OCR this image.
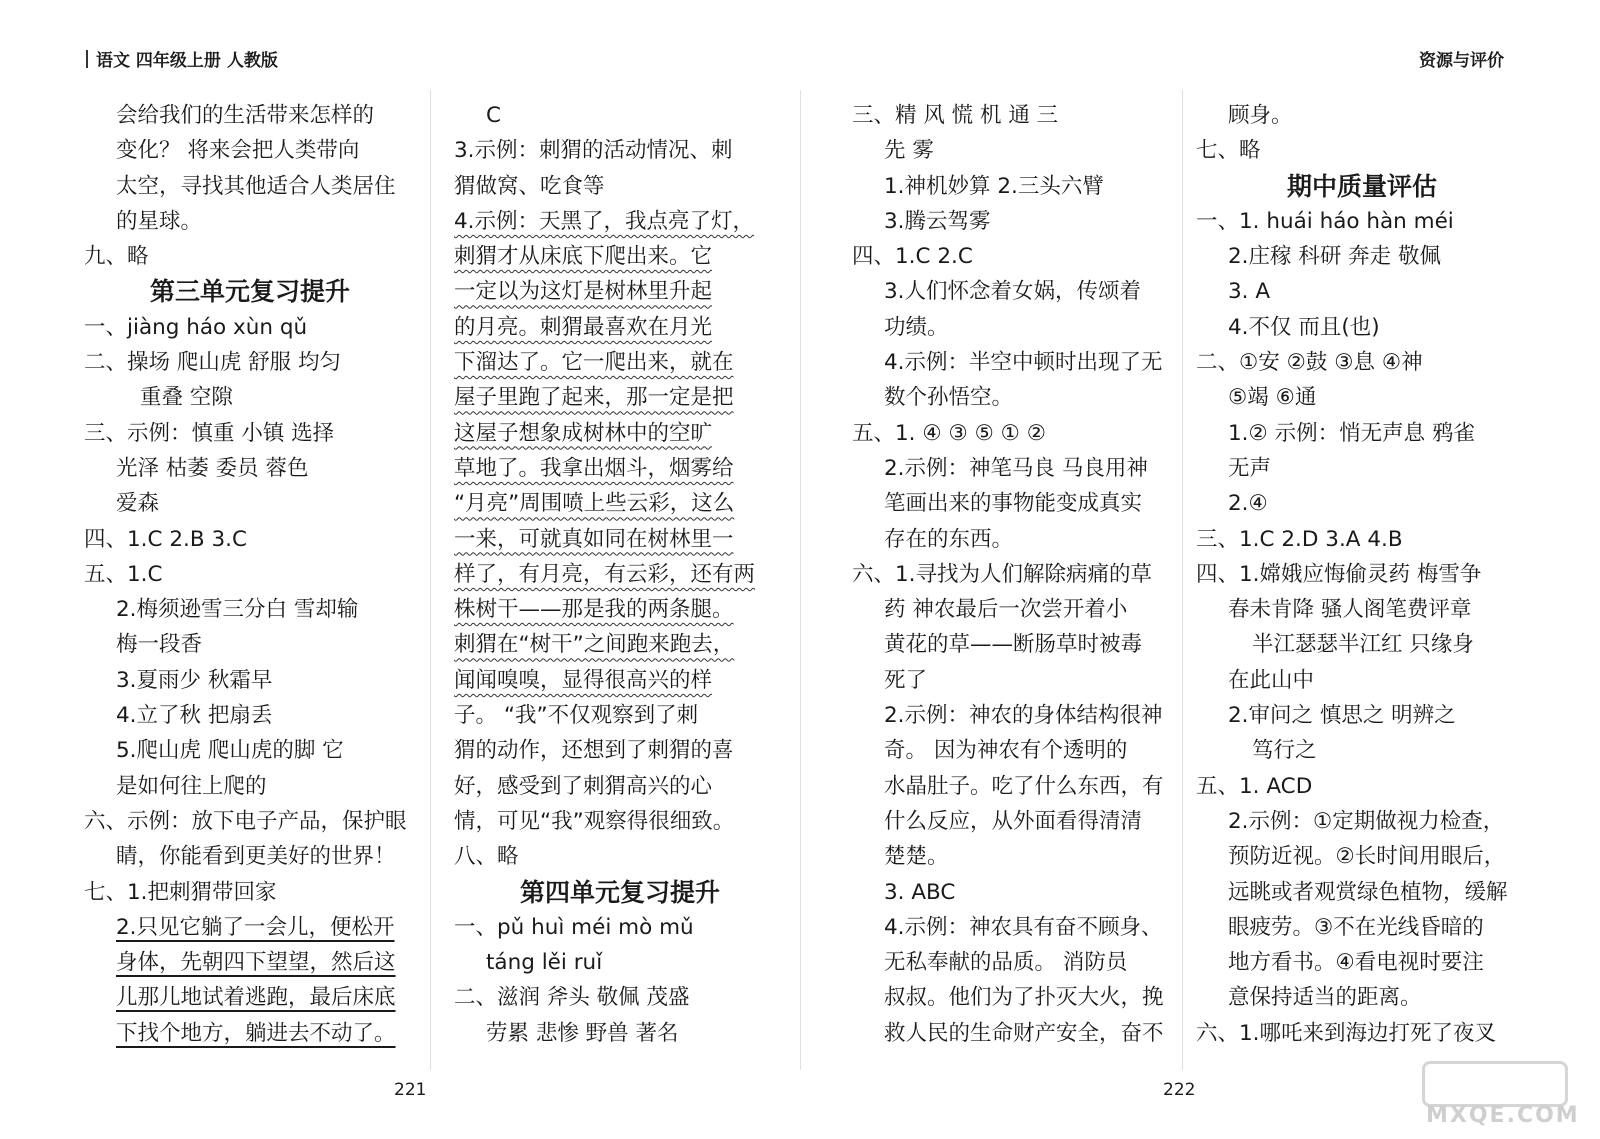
语文 四年级上册 人教版	资源与评价
会给我们的生活带来怎样的
变化？ 将来会把人类带向
太空，寻找其他适合人类居住
的星球。
九、略
第三单元复习提升
一、jiàng háo xùn qǔ
二、操场 爬山虎 舒服 均匀
重叠 空隙
三、示例：慎重 小镇 选择
光泽 枯萎 委员 蓉色
爱森
四、1.C 2.B 3.C
五、1.C
2.梅须逊雪三分白 雪却输
梅一段香
3.夏雨少 秋霜早
4.立了秋 把扇丢
5.爬山虎 爬山虎的脚 它
是如何往上爬的
六、示例：放下电子产品，保护眼
睛，你能看到更美好的世界！
七、1.把刺猬带回家
2.只见它躺了一会儿，便松开
身体，先朝四下望望，然后这
儿那儿地试着逃跑，最后床底
下找个地方，躺进去不动了。
C
3.示例：刺猬的活动情况、刺
猬做窝、吃食等
4.示例：天黑了，我点亮了灯，
刺猬才从床底下爬出来。它
一定以为这灯是树林里升起
的月亮。刺猬最喜欢在月光
下溜达了。它一爬出来，就在
屋子里跑了起来，那一定是把
这屋子想象成树林中的空旷
草地了。我拿出烟斗，烟雾给
“月亮”周围喷上些云彩，这么
一来，可就真如同在树林里一
样了，有月亮，有云彩，还有两
株树干——那是我的两条腿。
刺猬在“树干”之间跑来跑去，
闻闻嗅嗅，显得很高兴的样
子。 “我”不仅观察到了刺
猬的动作，还想到了刺猬的喜
好，感受到了刺猬高兴的心
情，可见“我”观察得很细致。
八、略
第四单元复习提升
一、pǔ huì méi mò mǔ
táng lěi ruǐ
二、滋润 斧头 敬佩 茂盛
劳累 悲惨 野兽 著名
三、精 风 慌 机 通 三
先 雾
1.神机妙算 2.三头六臂
3.腾云驾雾
四、1.C 2.C
3.人们怀念着女娲，传颂着
功绩。
4.示例：半空中顿时出现了无
数个孙悟空。
五、1. ④ ③ ⑤ ① ②
2.示例：神笔马良 马良用神
笔画出来的事物能变成真实
存在的东西。
六、1.寻找为人们解除病痛的草
药 神农最后一次尝开着小
黄花的草——断肠草时被毒
死了
2.示例：神农的身体结构很神
奇。 因为神农有个透明的
水晶肚子。吃了什么东西，有
什么反应，从外面看得清清
楚楚。
3. ABC
4.示例：神农具有奋不顾身、
无私奉献的品质。 消防员
叔叔。他们为了扑灭大火，挽
救人民的生命财产安全，奋不
顾身。
七、略
期中质量评估
一、1. huái háo hàn méi
2.庄稼 科研 奔走 敬佩
3. A
4.不仅 而且(也)
二、①安 ②鼓 ③息 ④神
⑤竭 ⑥通
1.② 示例：悄无声息 鸦雀
无声
2.④
三、1.C 2.D 3.A 4.B
四、1.嫦娥应悔偷灵药 梅雪争
春未肯降 骚人阁笔费评章
半江瑟瑟半江红 只缘身
在此山中
2.审问之 慎思之 明辨之
笃行之
五、1. ACD
2.示例：①定期做视力检查，
预防近视。②长时间用眼后，
远眺或者观赏绿色植物，缓解
眼疲劳。③不在光线昏暗的
地方看书。④看电视时要注
意保持适当的距离。
六、1.哪吒来到海边打死了夜叉
221	222
MXQE.COM
